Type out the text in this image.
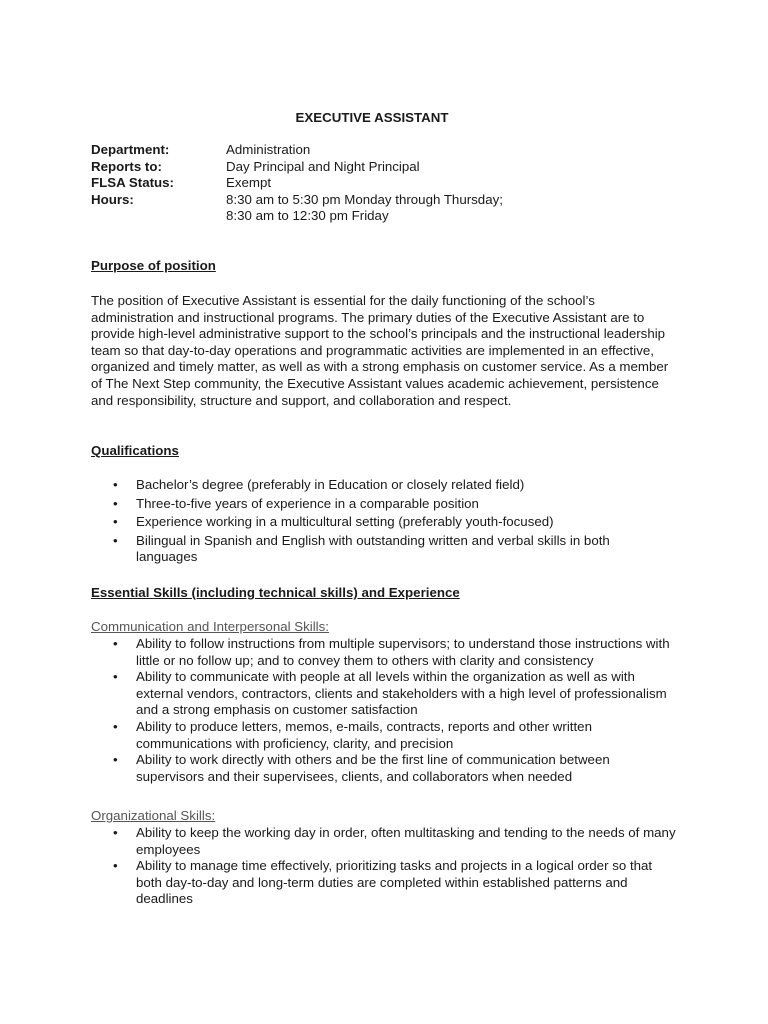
EXECUTIVE ASSISTANT
Department:	Administration
Reports to:	Day Principal and Night Principal
FLSA Status:	Exempt
Hours:	8:30 am to 5:30 pm Monday through Thursday;
8:30 am to 12:30 pm Friday
Purpose of position

The position of Executive Assistant is essential for the daily functioning of the school’s administration and instructional programs. The primary duties of the Executive Assistant are to provide high-level administrative support to the school’s principals and the instructional leadership team so that day-to-day operations and programmatic activities are implemented in an effective, organized and timely matter, as well as with a strong emphasis on customer service. As a member of The Next Step community, the Executive Assistant values academic achievement, persistence and responsibility, structure and support, and collaboration and respect.

Qualifications
• Bachelor’s degree (preferably in Education or closely related field)
• Three-to-five years of experience in a comparable position
• Experience working in a multicultural setting (preferably youth-focused)
• Bilingual in Spanish and English with outstanding written and verbal skills in both languages
Essential Skills (including technical skills) and Experience
Communication and Interpersonal Skills:
• Ability to follow instructions from multiple supervisors; to understand those instructions with little or no follow up; and to convey them to others with clarity and consistency
• Ability to communicate with people at all levels within the organization as well as with external vendors, contractors, clients and stakeholders with a high level of professionalism and a strong emphasis on customer satisfaction
• Ability to produce letters, memos, e-mails, contracts, reports and other written communications with proficiency, clarity, and precision
• Ability to work directly with others and be the first line of communication between supervisors and their supervisees, clients, and collaborators when needed
Organizational Skills:
• Ability to keep the working day in order, often multitasking and tending to the needs of many employees
• Ability to manage time effectively, prioritizing tasks and projects in a logical order so that both day-to-day and long-term duties are completed within established patterns and deadlines
